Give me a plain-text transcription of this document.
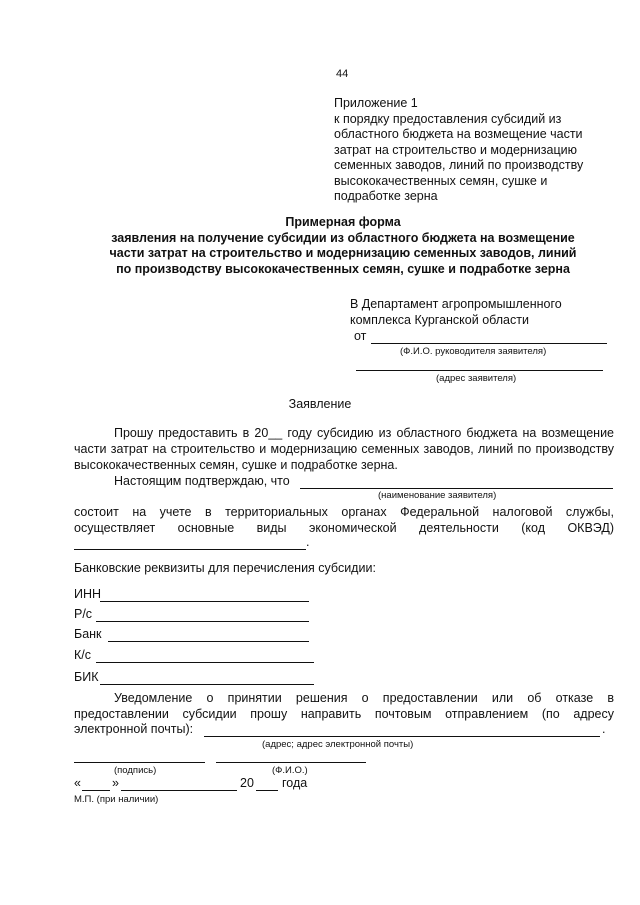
44
Приложение 1
к порядку предоставления субсидий из
областного бюджета на возмещение части
затрат на строительство и модернизацию
семенных заводов, линий по производству
высококачественных семян, сушке и
подработке зерна
Примерная форма
заявления на получение субсидии из областного бюджета на возмещение
части затрат на строительство и модернизацию семенных заводов, линий
по производству высококачественных семян, сушке и подработке зерна
В Департамент агропромышленного
комплекса Курганской области
от
(Ф.И.О. руководителя заявителя)
(адрес заявителя)
Заявление
Прошу предоставить в 20__ году субсидию из областного бюджета на возмещение части затрат на строительство и модернизацию семенных заводов, линий по производству высококачественных семян, сушке и подработке зерна.
Настоящим подтверждаю, что
(наименование заявителя)
состоит на учете в территориальных органах Федеральной налоговой службы,
осуществляет основные виды экономической деятельности (код ОКВЭД)
.
Банковские реквизиты для перечисления субсидии:
ИНН
Р/с
Банк
К/с
БИК
Уведомление о принятии решения о предоставлении или об отказе в
предоставлении субсидии прошу направить почтовым отправлением (по адресу
электронной почты):	.
(адрес; адрес электронной почты)
(подпись)	(Ф.И.О.)
« »	20 года
М.П. (при наличии)
